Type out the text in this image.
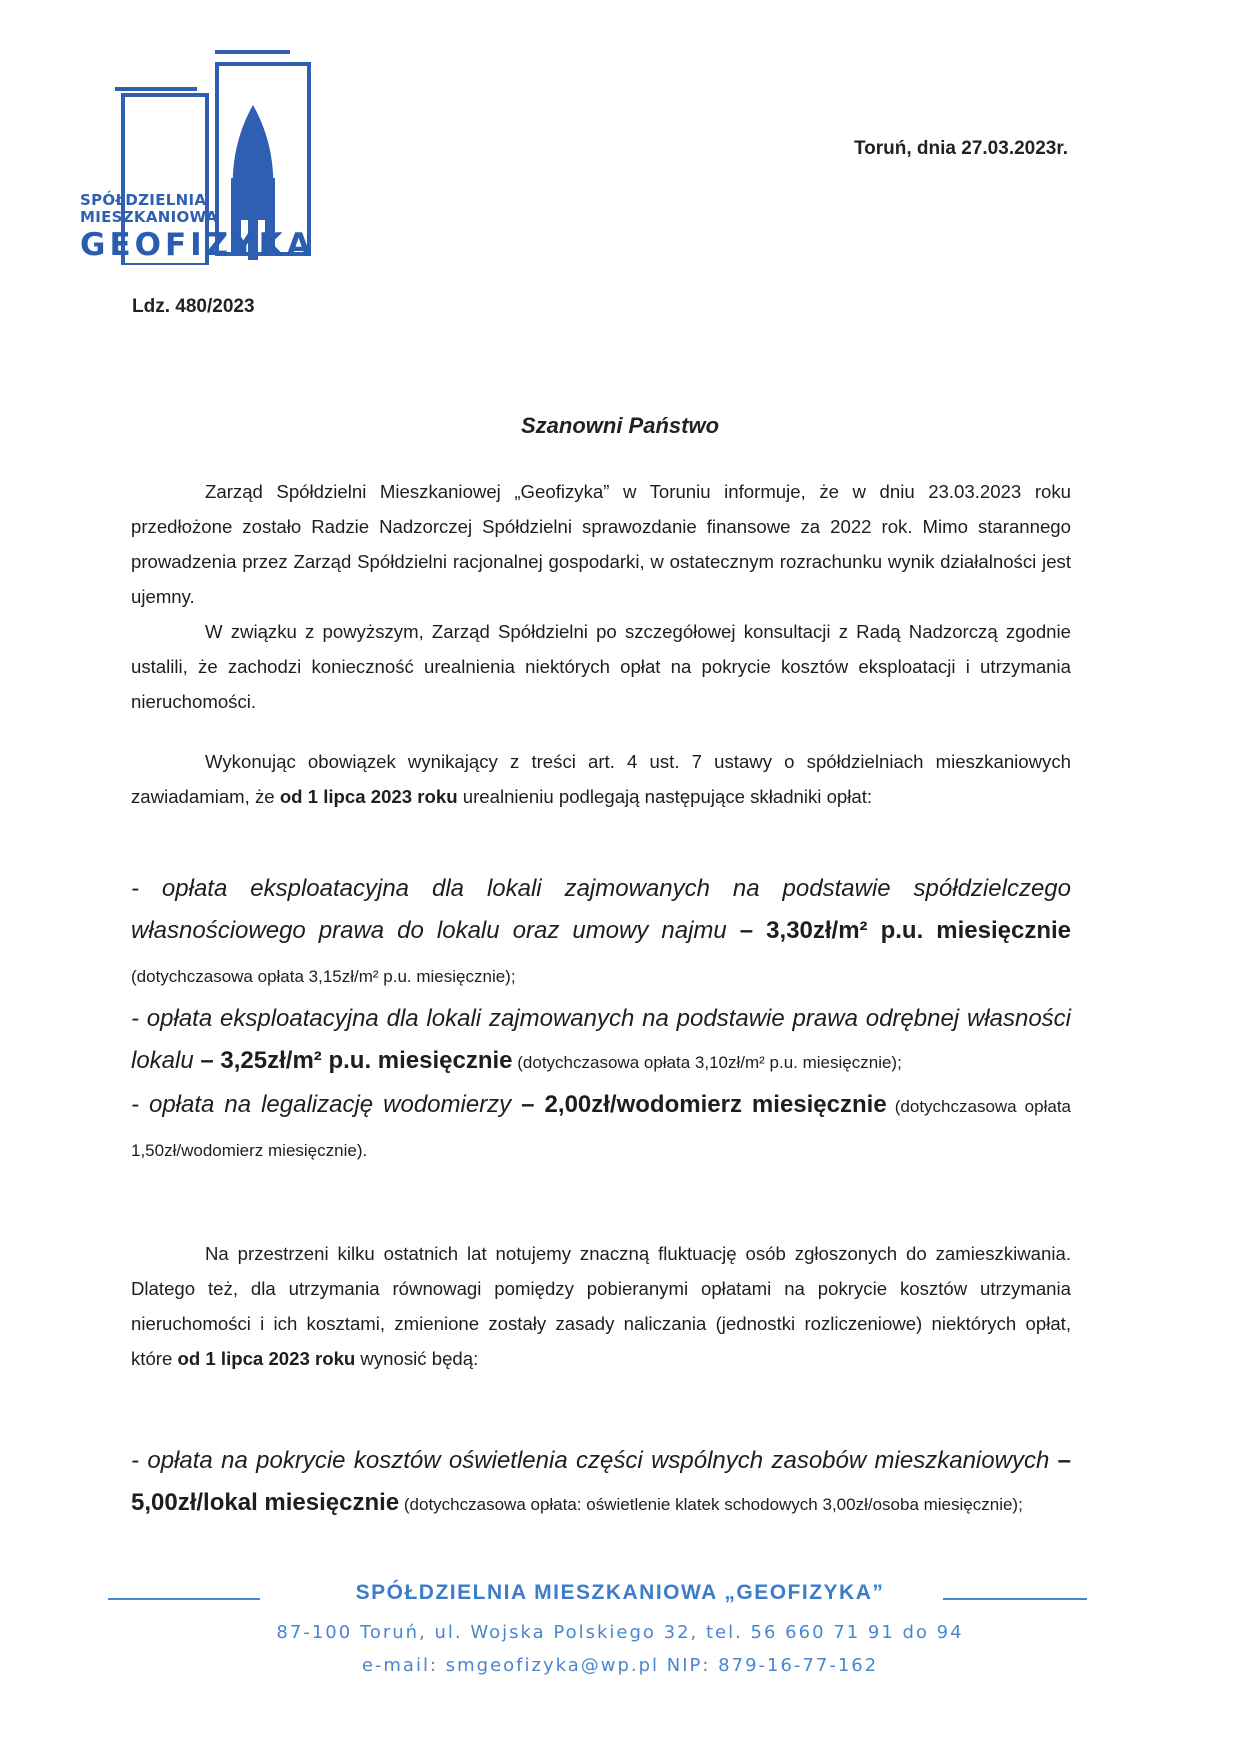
SPÓŁDZIELNIA
MIESZKANIOWA
GEOFIZYKA
Toruń, dnia 27.03.2023r.
Ldz. 480/2023
Szanowni Państwo

Zarząd Spółdzielni Mieszkaniowej „Geofizyka” w Toruniu informuje, że w dniu 23.03.2023 roku przedłożone zostało Radzie Nadzorczej Spółdzielni sprawozdanie finansowe za 2022 rok. Mimo starannego prowadzenia przez Zarząd Spółdzielni racjonalnej gospodarki, w ostatecznym rozrachunku wynik działalności jest ujemny.

W związku z powyższym, Zarząd Spółdzielni po szczegółowej konsultacji z Radą Nadzorczą zgodnie ustalili, że zachodzi konieczność urealnienia niektórych opłat na pokrycie kosztów eksploatacji i utrzymania nieruchomości.

Wykonując obowiązek wynikający z treści art. 4 ust. 7 ustawy o spółdzielniach mieszkaniowych zawiadamiam, że od 1 lipca 2023 roku urealnieniu podlegają następujące składniki opłat:

- opłata eksploatacyjna dla lokali zajmowanych na podstawie spółdzielczego własnościowego prawa do lokalu oraz umowy najmu – 3,30zł/m² p.u. miesięcznie (dotychczasowa opłata 3,15zł/m² p.u. miesięcznie);

- opłata eksploatacyjna dla lokali zajmowanych na podstawie prawa odrębnej własności lokalu – 3,25zł/m² p.u. miesięcznie (dotychczasowa opłata 3,10zł/m² p.u. miesięcznie);

- opłata na legalizację wodomierzy – 2,00zł/wodomierz miesięcznie (dotychczasowa opłata 1,50zł/wodomierz miesięcznie).

Na przestrzeni kilku ostatnich lat notujemy znaczną fluktuację osób zgłoszonych do zamieszkiwania. Dlatego też, dla utrzymania równowagi pomiędzy pobieranymi opłatami na pokrycie kosztów utrzymania nieruchomości i ich kosztami, zmienione zostały zasady naliczania (jednostki rozliczeniowe) niektórych opłat, które od 1 lipca 2023 roku wynosić będą:

- opłata na pokrycie kosztów oświetlenia części wspólnych zasobów mieszkaniowych – 5,00zł/lokal miesięcznie (dotychczasowa opłata: oświetlenie klatek schodowych 3,00zł/osoba miesięcznie);

SPÓŁDZIELNIA MIESZKANIOWA „GEOFIZYKA”
87-100 Toruń, ul. Wojska Polskiego 32, tel. 56 660 71 91 do 94
e-mail: smgeofizyka@wp.pl NIP: 879-16-77-162
